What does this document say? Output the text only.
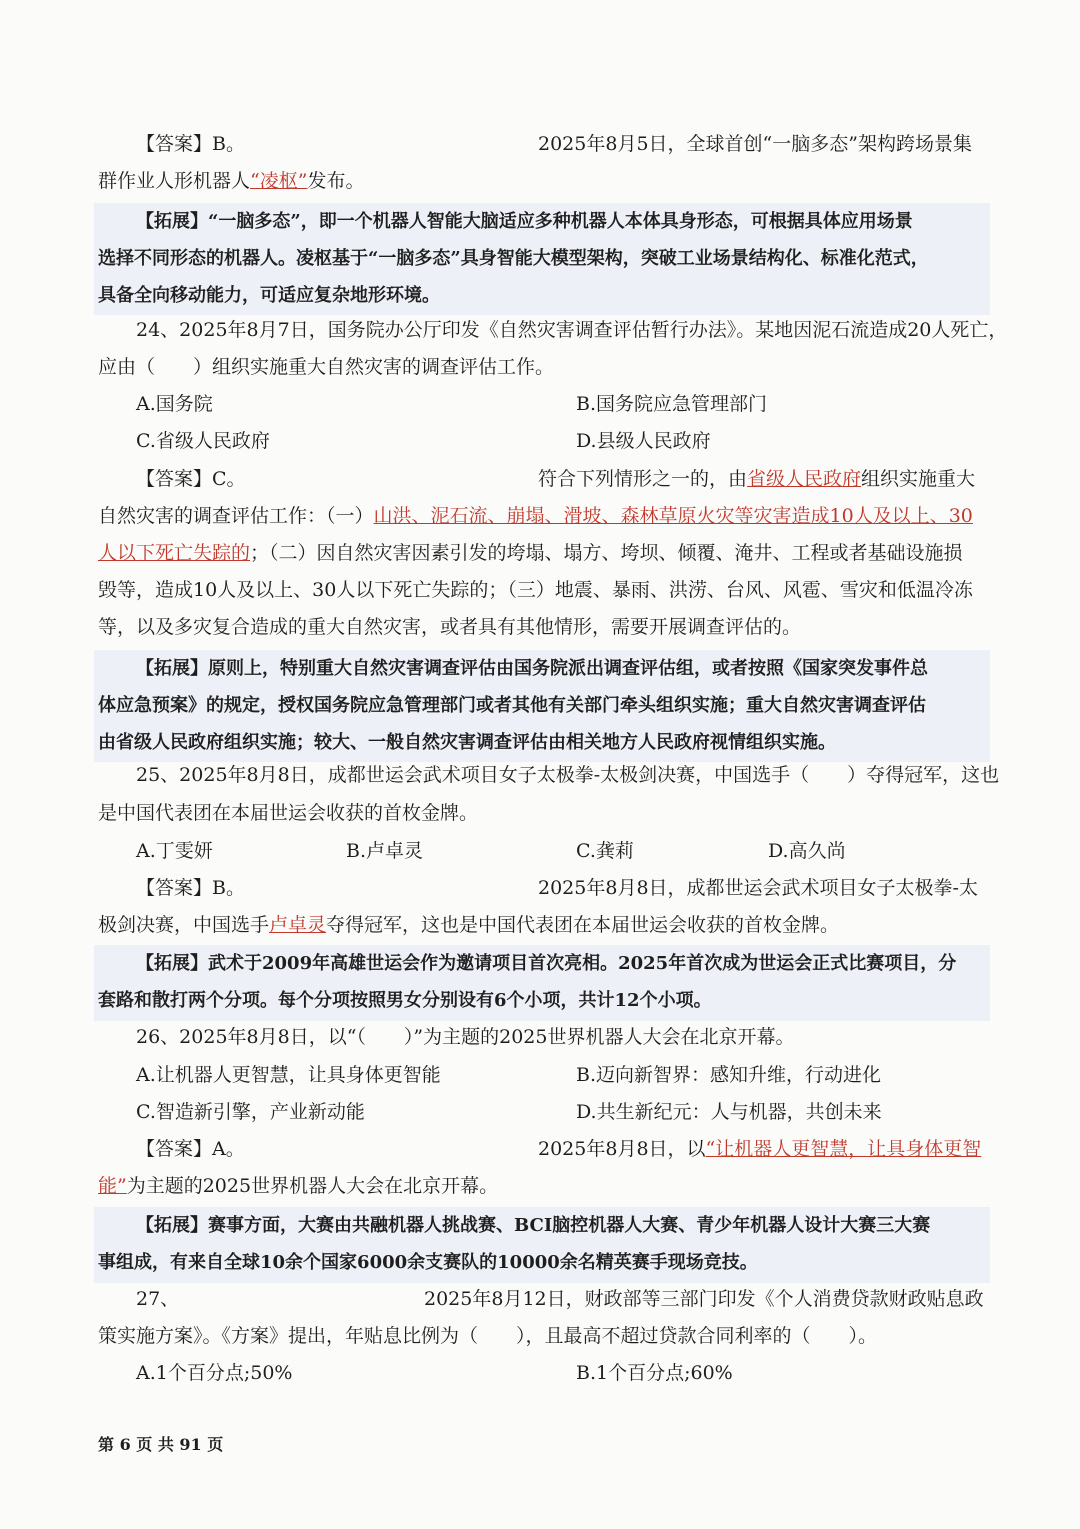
【答案】B。	2025年8月5日，全球首创“一脑多态”架构跨场景集

群作业人形机器人“凌枢”发布。

【拓展】“一脑多态”，即一个机器人智能大脑适应多种机器人本体具身形态，可根据具体应用场景
选择不同形态的机器人。凌枢基于“一脑多态”具身智能大模型架构，突破工业场景结构化、标准化范式，
具备全向移动能力，可适应复杂地形环境。

24、2025年8月7日，国务院办公厅印发《自然灾害调查评估暂行办法》。某地因泥石流造成20人死亡，

应由（　　）组织实施重大自然灾害的调查评估工作。

A.国务院	B.国务院应急管理部门
C.省级人民政府	D.县级人民政府

【答案】C。	符合下列情形之一的，由省级人民政府组织实施重大

自然灾害的调查评估工作：（一）山洪、泥石流、崩塌、滑坡、森林草原火灾等灾害造成10人及以上、30

人以下死亡失踪的；（二）因自然灾害因素引发的垮塌、塌方、垮坝、倾覆、淹井、工程或者基础设施损

毁等，造成10人及以上、30人以下死亡失踪的；（三）地震、暴雨、洪涝、台风、风雹、雪灾和低温冷冻

等，以及多灾复合造成的重大自然灾害，或者具有其他情形，需要开展调查评估的。

【拓展】原则上，特别重大自然灾害调查评估由国务院派出调查评估组，或者按照《国家突发事件总
体应急预案》的规定，授权国务院应急管理部门或者其他有关部门牵头组织实施；重大自然灾害调查评估
由省级人民政府组织实施；较大、一般自然灾害调查评估由相关地方人民政府视情组织实施。

25、2025年8月8日，成都世运会武术项目女子太极拳-太极剑决赛，中国选手（　　）夺得冠军，这也

是中国代表团在本届世运会收获的首枚金牌。

A.丁雯妍	B.卢卓灵	C.龚莉	D.高久尚

【答案】B。	2025年8月8日，成都世运会武术项目女子太极拳-太

极剑决赛，中国选手卢卓灵夺得冠军，这也是中国代表团在本届世运会收获的首枚金牌。

【拓展】武术于2009年高雄世运会作为邀请项目首次亮相。2025年首次成为世运会正式比赛项目，分
套路和散打两个分项。每个分项按照男女分别设有6个小项，共计12个小项。

26、2025年8月8日，以“（　　）”为主题的2025世界机器人大会在北京开幕。

A.让机器人更智慧，让具身体更智能	B.迈向新智界：感知升维，行动进化
C.智造新引擎，产业新动能	D.共生新纪元：人与机器，共创未来

【答案】A。	2025年8月8日，以“让机器人更智慧，让具身体更智

能”为主题的2025世界机器人大会在北京开幕。

【拓展】赛事方面，大赛由共融机器人挑战赛、BCI脑控机器人大赛、青少年机器人设计大赛三大赛
事组成，有来自全球10余个国家6000余支赛队的10000余名精英赛手现场竞技。

27、	2025年8月12日，财政部等三部门印发《个人消费贷款财政贴息政

策实施方案》。《方案》提出，年贴息比例为（　　），且最高不超过贷款合同利率的（　　）。

A.1个百分点;50%	B.1个百分点;60%
第 6 页 共 91 页
